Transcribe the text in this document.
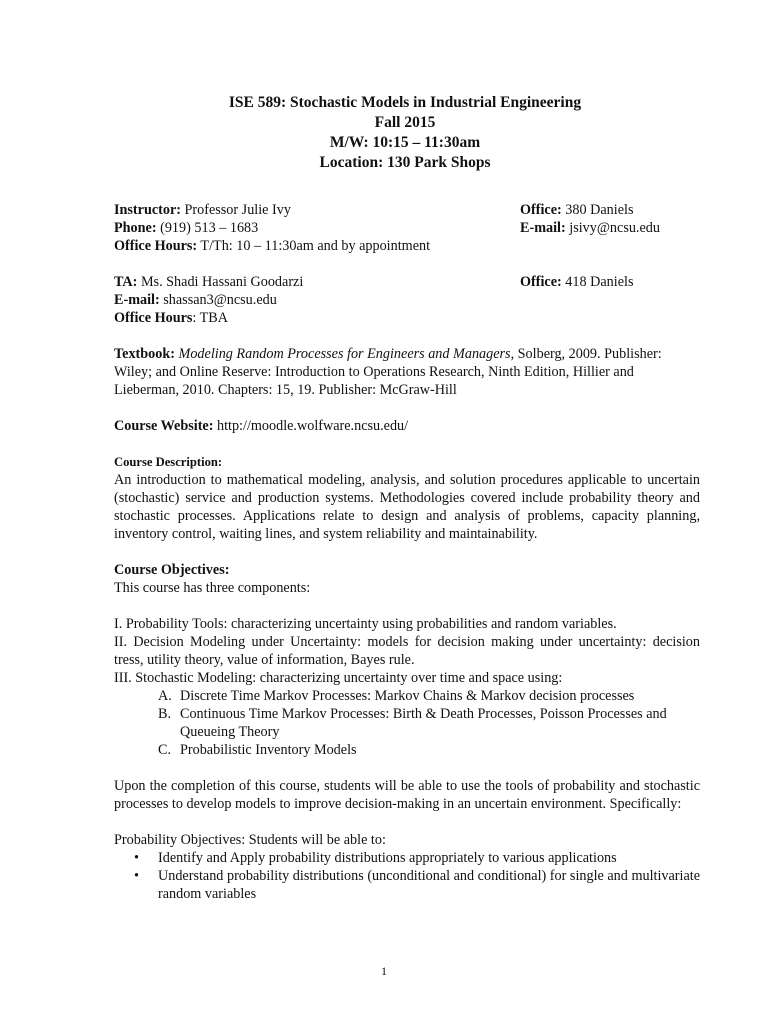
ISE 589: Stochastic Models in Industrial Engineering
Fall 2015
M/W: 10:15 – 11:30am
Location: 130 Park Shops
Instructor: Professor Julie Ivy	Office: 380 Daniels
Phone: (919) 513 – 1683	E-mail: jsivy@ncsu.edu
Office Hours: T/Th: 10 – 11:30am and by appointment
TA: Ms. Shadi Hassani Goodarzi	Office: 418 Daniels
E-mail: shassan3@ncsu.edu
Office Hours: TBA
Textbook: Modeling Random Processes for Engineers and Managers, Solberg, 2009. Publisher: Wiley; and Online Reserve: Introduction to Operations Research, Ninth Edition, Hillier and Lieberman, 2010. Chapters: 15, 19. Publisher: McGraw-Hill
Course Website: http://moodle.wolfware.ncsu.edu/
Course Description:
An introduction to mathematical modeling, analysis, and solution procedures applicable to uncertain (stochastic) service and production systems. Methodologies covered include probability theory and stochastic processes. Applications relate to design and analysis of problems, capacity planning, inventory control, waiting lines, and system reliability and maintainability.
Course Objectives:
This course has three components:
I. Probability Tools: characterizing uncertainty using probabilities and random variables.
II. Decision Modeling under Uncertainty: models for decision making under uncertainty: decision tress, utility theory, value of information, Bayes rule.
III. Stochastic Modeling: characterizing uncertainty over time and space using:
A. Discrete Time Markov Processes: Markov Chains & Markov decision processes
B. Continuous Time Markov Processes: Birth & Death Processes, Poisson Processes and Queueing Theory
C. Probabilistic Inventory Models
Upon the completion of this course, students will be able to use the tools of probability and stochastic processes to develop models to improve decision-making in an uncertain environment. Specifically:
Probability Objectives: Students will be able to:
• Identify and Apply probability distributions appropriately to various applications
• Understand probability distributions (unconditional and conditional) for single and multivariate random variables
1
